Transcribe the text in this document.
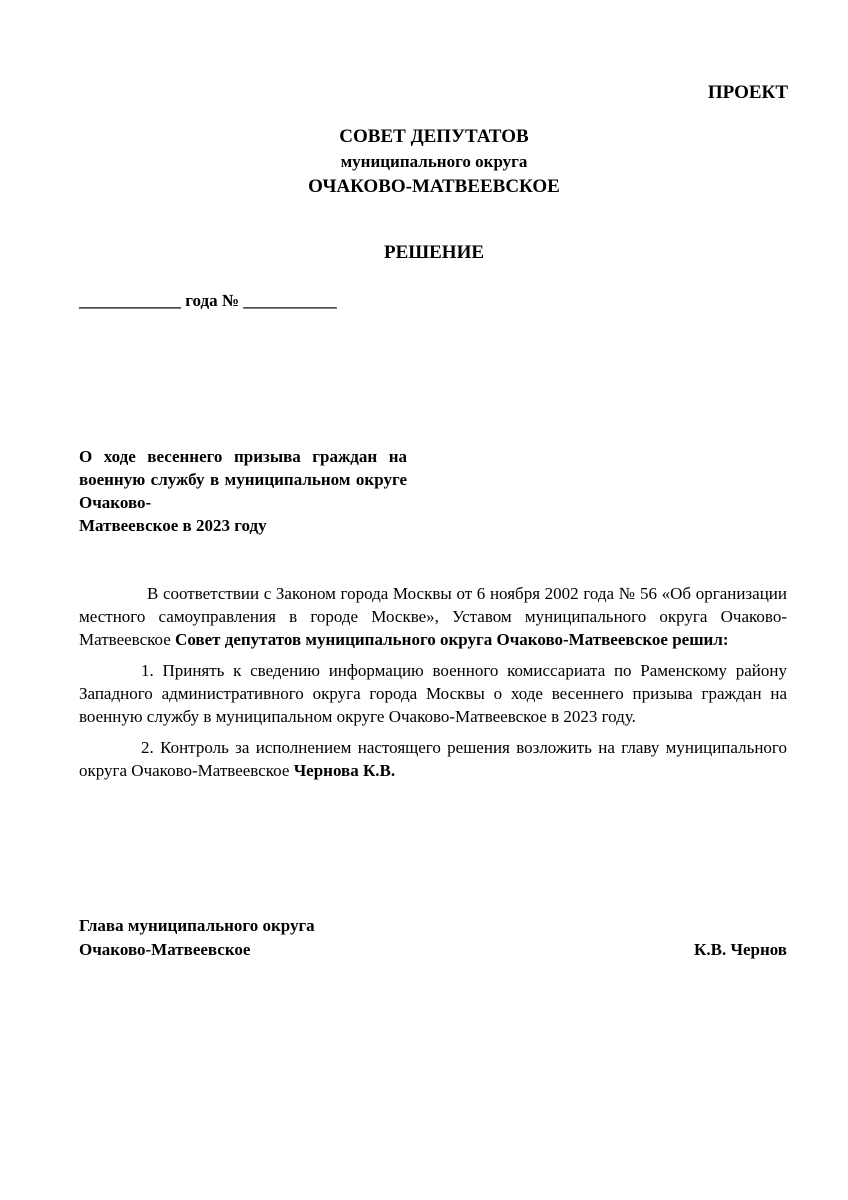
ПРОЕКТ
СОВЕТ ДЕПУТАТОВ
муниципального округа
ОЧАКОВО-МАТВЕЕВСКОЕ
РЕШЕНИЕ
____________ года № ___________
О ходе весеннего призыва граждан на военную службу в муниципальном округе Очаково-
Матвеевское в 2023 году

В соответствии с Законом города Москвы от 6 ноября 2002 года № 56 «Об организации местного самоуправления в городе Москве», Уставом муниципального округа Очаково-Матвеевское Совет депутатов муниципального округа Очаково-Матвеевское решил:

1. Принять к сведению информацию военного комиссариата по Раменскому району Западного административного округа города Москвы о ходе весеннего призыва граждан на военную службу в муниципальном округе Очаково-Матвеевское в 2023 году.

2. Контроль за исполнением настоящего решения возложить на главу муниципального округа Очаково-Матвеевское Чернова К.В.

Глава муниципального округа
Очаково-Матвеевское	К.В. Чернов
